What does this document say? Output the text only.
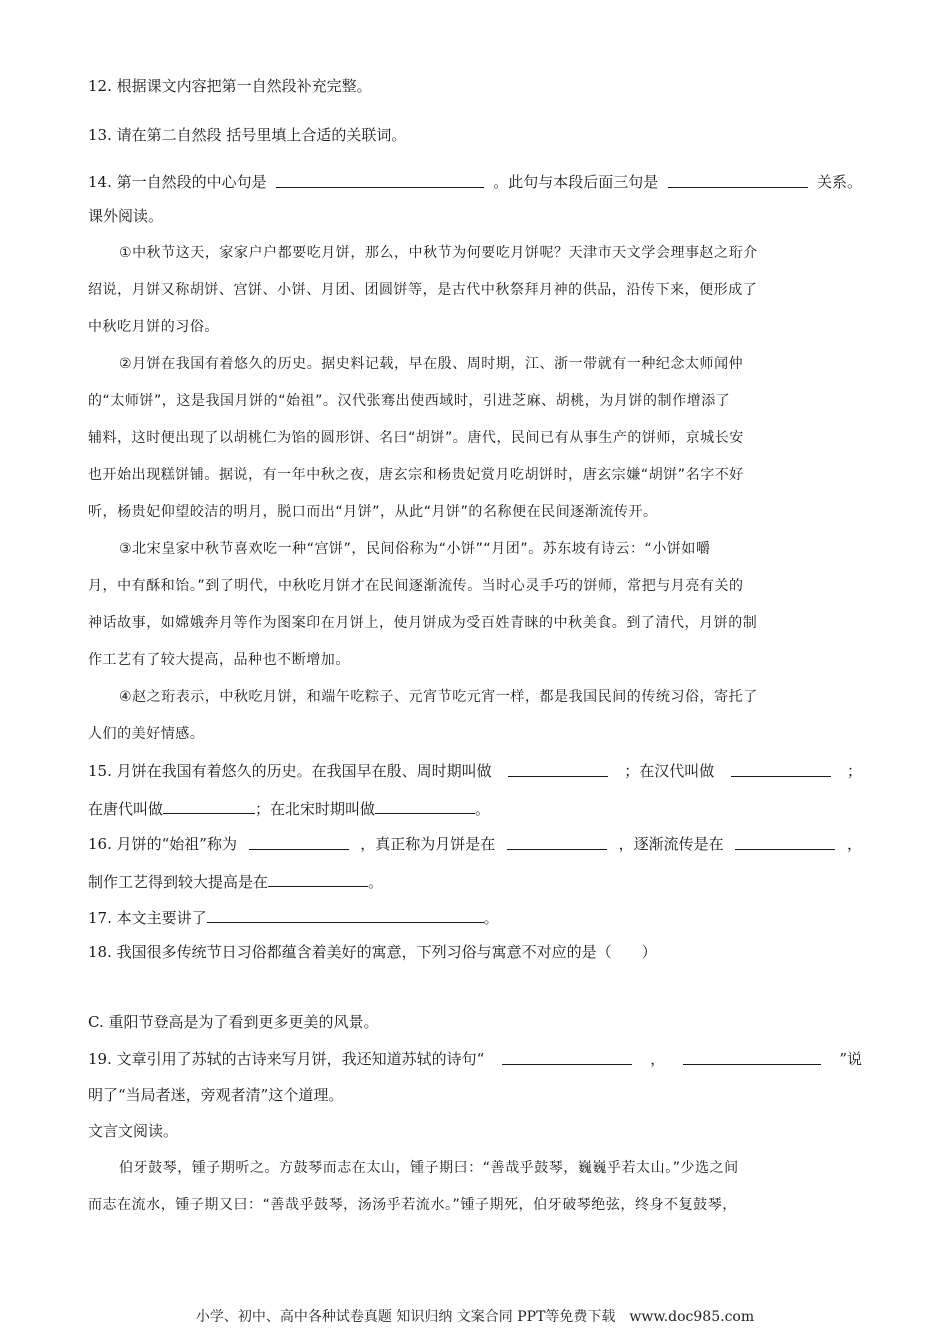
12. 根据课文内容把第一自然段补充完整。
13. 请在第二自然段 括号里填上合适的关联词。
14. 第一自然段的中心句是	。此句与本段后面三句是	关系。
课外阅读。
①中秋节这天，家家户户都要吃月饼，那么，中秋节为何要吃月饼呢？天津市天文学会理事赵之珩介
绍说，月饼又称胡饼、宫饼、小饼、月团、团圆饼等，是古代中秋祭拜月神的供品，沿传下来，便形成了
中秋吃月饼的习俗。
②月饼在我国有着悠久的历史。据史料记载，早在殷、周时期，江、浙一带就有一种纪念太师闻仲
的“太师饼”，这是我国月饼的“始祖”。汉代张骞出使西域时，引进芝麻、胡桃，为月饼的制作增添了
辅料，这时便出现了以胡桃仁为馅的圆形饼、名曰“胡饼”。唐代，民间已有从事生产的饼师，京城长安
也开始出现糕饼铺。据说，有一年中秋之夜，唐玄宗和杨贵妃赏月吃胡饼时，唐玄宗嫌“胡饼”名字不好
听，杨贵妃仰望皎洁的明月，脱口而出“月饼”，从此“月饼”的名称便在民间逐渐流传开。
③北宋皇家中秋节喜欢吃一种“宫饼”，民间俗称为“小饼”“月团”。苏东坡有诗云：“小饼如嚼
月，中有酥和饴。”到了明代，中秋吃月饼才在民间逐渐流传。当时心灵手巧的饼师，常把与月亮有关的
神话故事，如嫦娥奔月等作为图案印在月饼上，使月饼成为受百姓青睐的中秋美食。到了清代，月饼的制
作工艺有了较大提高，品种也不断增加。
④赵之珩表示，中秋吃月饼，和端午吃粽子、元宵节吃元宵一样，都是我国民间的传统习俗，寄托了
人们的美好情感。
15. 月饼在我国有着悠久的历史。在我国早在殷、周时期叫做	；在汉代叫做	；
在唐代叫做	；在北宋时期叫做	。
16. 月饼的“始祖”称为	，真正称为月饼是在	，逐渐流传是在	，
制作工艺得到较大提高是在	。
17. 本文主要讲了	。
18. 我国很多传统节日习俗都蕴含着美好的寓意，下列习俗与寓意不对应的是（　　）
C. 重阳节登高是为了看到更多更美的风景。
19. 文章引用了苏轼的古诗来写月饼，我还知道苏轼的诗句“	，	”说
明了“当局者迷，旁观者清”这个道理。
文言文阅读。
伯牙鼓琴，锺子期听之。方鼓琴而志在太山，锺子期曰：“善哉乎鼓琴，巍巍乎若太山。”少选之间
而志在流水，锺子期又曰：“善哉乎鼓琴，汤汤乎若流水。”锺子期死，伯牙破琴绝弦，终身不复鼓琴，
小学、初中、高中各种试卷真题 知识归纳 文案合同 PPT等免费下载 www.doc985.com
